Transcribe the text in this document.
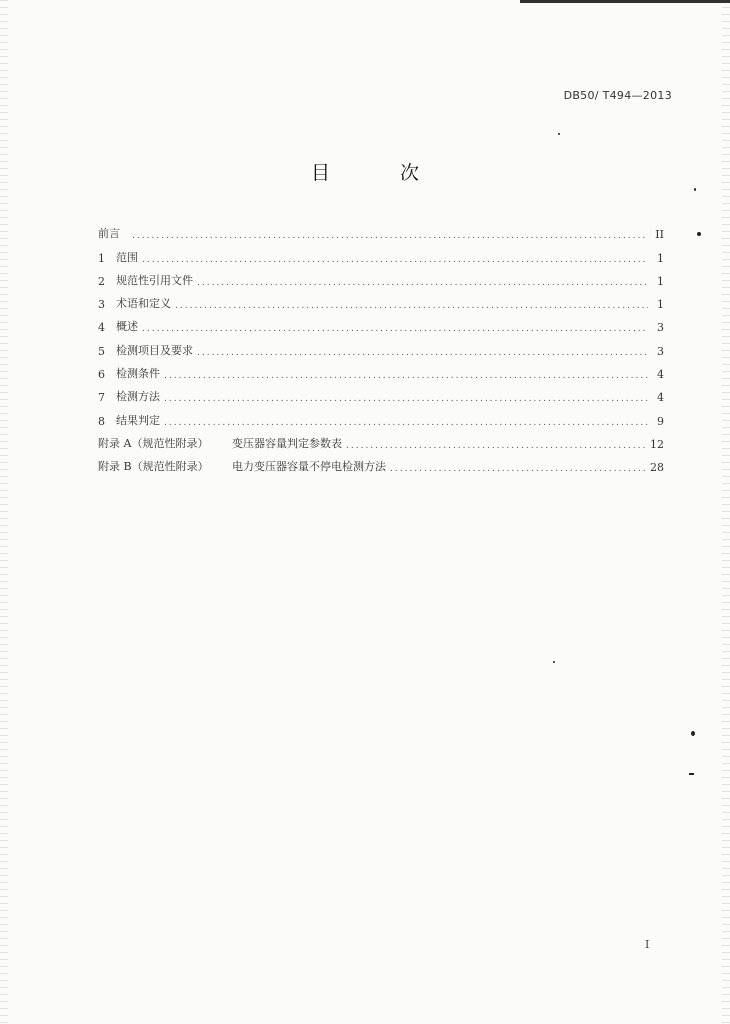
DB50/ T494—2013
目 次
前言 .....	II
1	范围 .....	1
2	规范性引用文件 .....	1
3	术语和定义 .....	1
4	概述 .....	3
5	检测项目及要求 .....	3
6	检测条件 .....	4
7	检测方法 .....	4
8	结果判定 .....	9
附录 A（规范性附录）	变压器容量判定参数表 .....	12
附录 B（规范性附录）	电力变压器容量不停电检测方法 .....	28
I
